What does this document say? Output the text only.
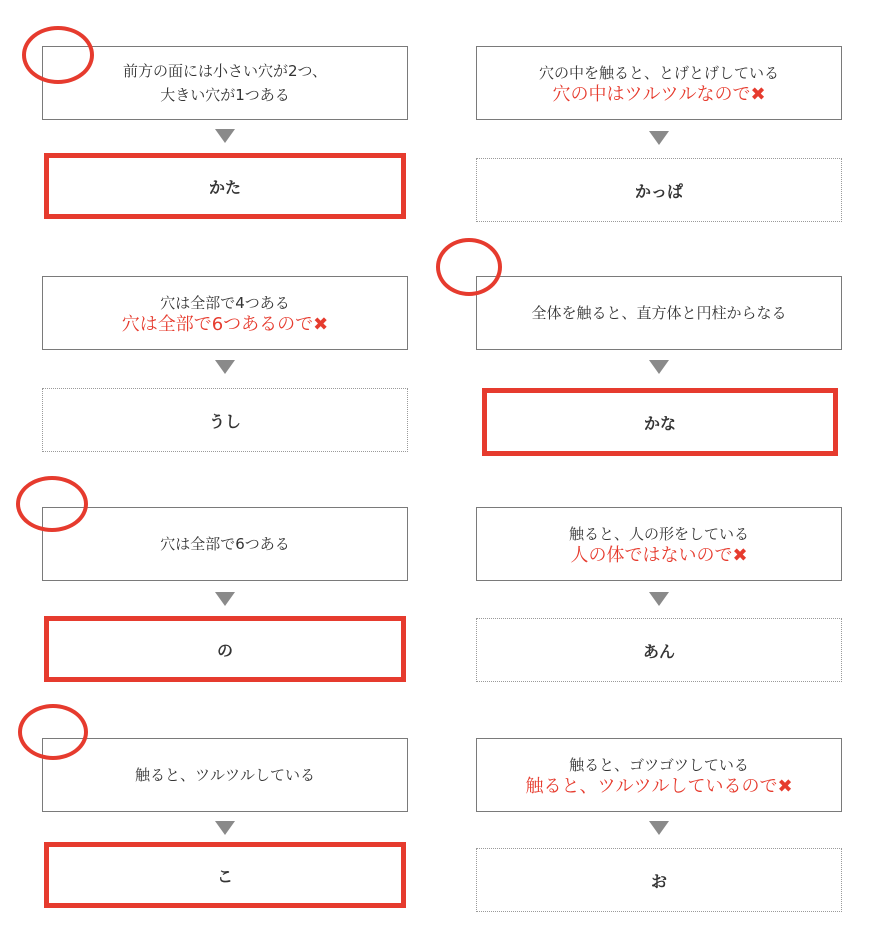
前方の面には小さい穴が2つ、
大きい穴が1つある
かた
穴は全部で4つある
穴は全部で6つあるので✖
うし
穴は全部で6つある
の
触ると、ツルツルしている
こ
穴の中を触ると、とげとげしている
穴の中はツルツルなので✖
かっぱ
全体を触ると、直方体と円柱からなる
かな
触ると、人の形をしている
人の体ではないので✖
あん
触ると、ゴツゴツしている
触ると、ツルツルしているので✖
お
